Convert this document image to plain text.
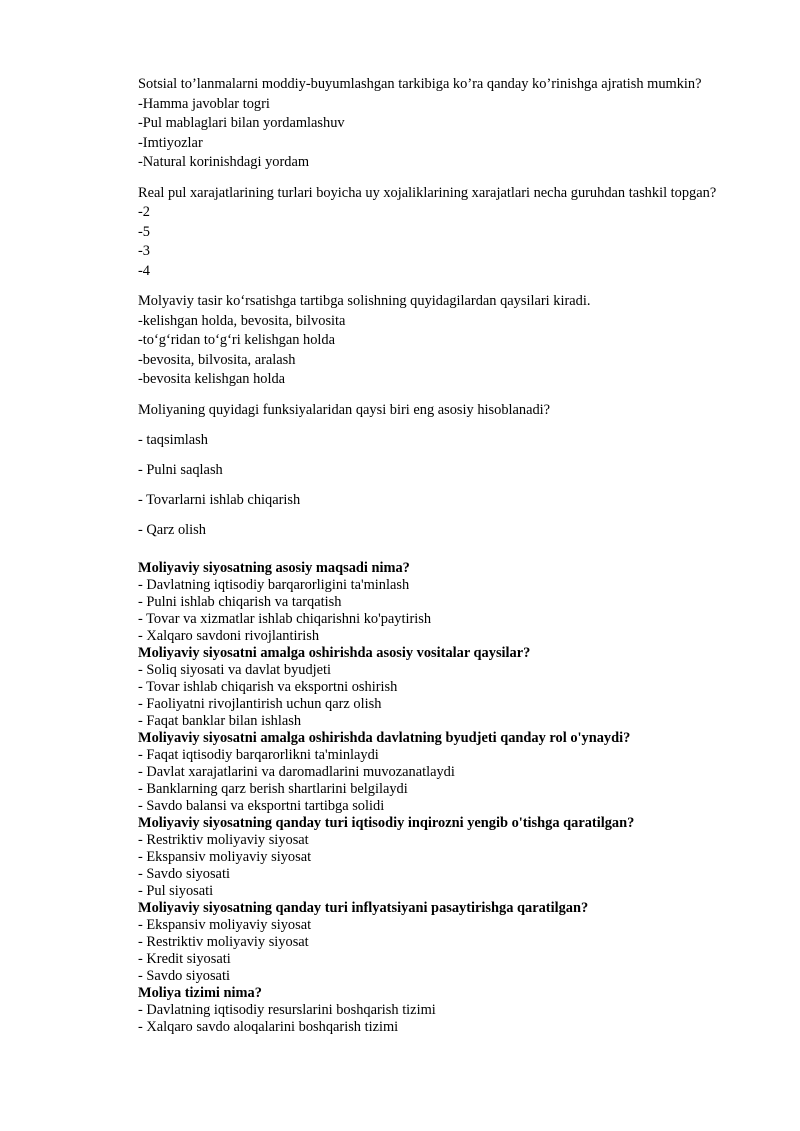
Sotsial to’lanmalarni moddiy-buyumlashgan tarkibiga ko’ra qanday ko’rinishga ajratish mumkin?
-Hamma javoblar togri
-Pul mablaglari bilan yordamlashuv
-Imtiyozlar
-Natural korinishdagi yordam
Real pul xarajatlarining turlari boyicha uy xojaliklarining xarajatlari necha guruhdan tashkil topgan?
-2
-5
-3
-4
Molyaviy tasir ko‘rsatishga tartibga solishning quyidagilardan qaysilari kiradi.
-kelishgan holda, bevosita, bilvosita
-to‘g‘ridan to‘g‘ri kelishgan holda
-bevosita, bilvosita, aralash
-bevosita kelishgan holda
Moliyaning quyidagi funksiyalaridan qaysi biri eng asosiy hisoblanadi?
- taqsimlash
- Pulni saqlash
- Tovarlarni ishlab chiqarish
- Qarz olish
Moliyaviy siyosatning asosiy maqsadi nima?
- Davlatning iqtisodiy barqarorligini ta'minlash
- Pulni ishlab chiqarish va tarqatish
- Tovar va xizmatlar ishlab chiqarishni ko'paytirish
- Xalqaro savdoni rivojlantirish
Moliyaviy siyosatni amalga oshirishda asosiy vositalar qaysilar?
- Soliq siyosati va davlat byudjeti
- Tovar ishlab chiqarish va eksportni oshirish
- Faoliyatni rivojlantirish uchun qarz olish
- Faqat banklar bilan ishlash
Moliyaviy siyosatni amalga oshirishda davlatning byudjeti qanday rol o'ynaydi?
- Faqat iqtisodiy barqarorlikni ta'minlaydi
- Davlat xarajatlarini va daromadlarini muvozanatlaydi
- Banklarning qarz berish shartlarini belgilaydi
- Savdo balansi va eksportni tartibga solidi
Moliyaviy siyosatning qanday turi iqtisodiy inqirozni yengib o'tishga qaratilgan?
- Restriktiv moliyaviy siyosat
- Ekspansiv moliyaviy siyosat
- Savdo siyosati
- Pul siyosati
Moliyaviy siyosatning qanday turi inflyatsiyani pasaytirishga qaratilgan?
- Ekspansiv moliyaviy siyosat
- Restriktiv moliyaviy siyosat
- Kredit siyosati
- Savdo siyosati
Moliya tizimi nima?
- Davlatning iqtisodiy resurslarini boshqarish tizimi
- Xalqaro savdo aloqalarini boshqarish tizimi
